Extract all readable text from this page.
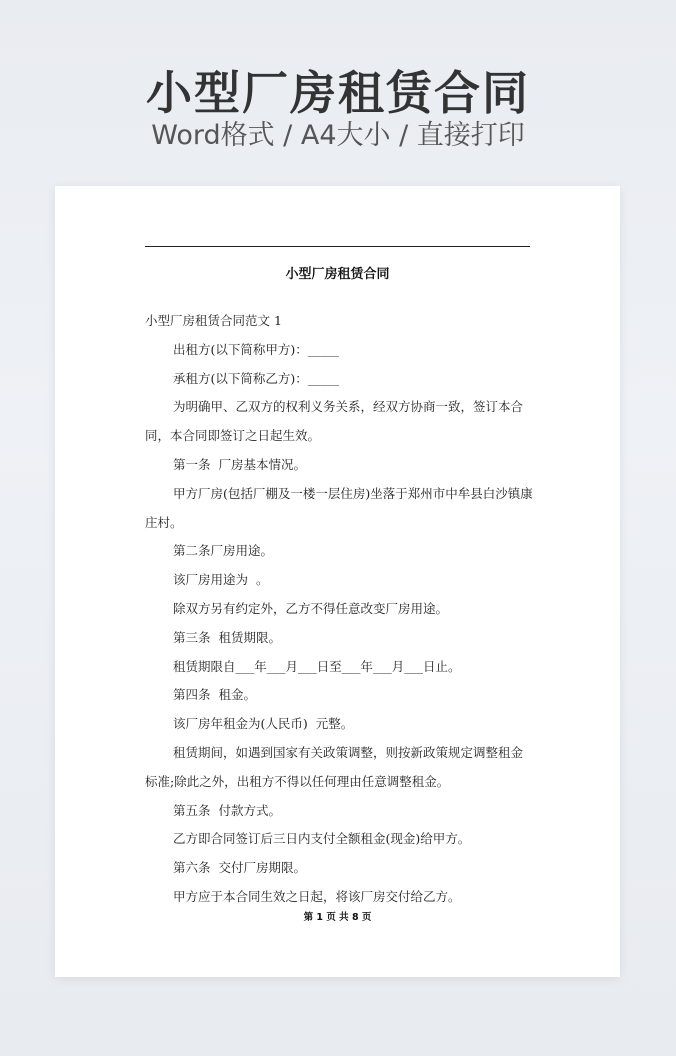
小型厂房租赁合同
Word格式 / A4大小 / 直接打印
小型厂房租赁合同

小型厂房租赁合同范文 1

出租方(以下简称甲方)：_____

承租方(以下简称乙方)：_____

为明确甲、乙双方的权利义务关系，经双方协商一致，签订本合同，本合同即签订之日起生效。

第一条  厂房基本情况。

甲方厂房(包括厂棚及一楼一层住房)坐落于郑州市中牟县白沙镇康庄村。

第二条厂房用途。

该厂房用途为  。

除双方另有约定外，乙方不得任意改变厂房用途。

第三条  租赁期限。

租赁期限自___年___月___日至___年___月___日止。

第四条  租金。

该厂房年租金为(人民币)  元整。

租赁期间，如遇到国家有关政策调整，则按新政策规定调整租金标准;除此之外，出租方不得以任何理由任意调整租金。

第五条  付款方式。

乙方即合同签订后三日内支付全额租金(现金)给甲方。

第六条  交付厂房期限。

甲方应于本合同生效之日起，将该厂房交付给乙方。

第 1 页 共 8 页
